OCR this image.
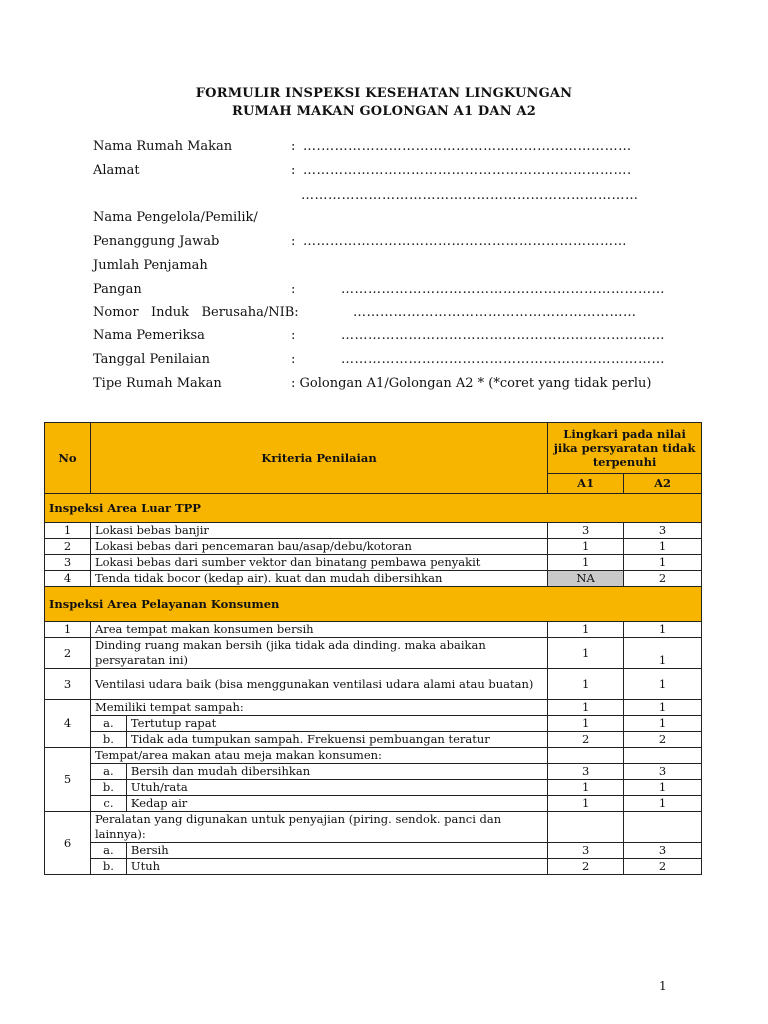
FORMULIR INSPEKSI KESEHATAN LINGKUNGAN
RUMAH MAKAN GOLONGAN A1 DAN A2
Nama Rumah Makan	: ….……………………………………………………………
Alamat	: ……………………………………………………………….
…………………………………………………………………
Nama Pengelola/Pemilik/
Penanggung Jawab	: ………………………………………………………………
Jumlah Penjamah
Pangan	:	………………………………………………………………
Nomor   Induk   Berusaha/NIB:	………………………………………………………
Nama Pemeriksa	:	………………………………………………………………
Tanggal Penilaian	:	………………………………………………………………
Tipe Rumah Makan	: Golongan A1/Golongan A2 * (*coret yang tidak perlu)
No	Kriteria Penilaian		Lingkari pada nilai jika persyaratan tidak terpenuhi	
			A1	A2
Inspeksi Area Luar TPP				
1	Lokasi bebas banjir		3	3
2	Lokasi bebas dari pencemaran bau/asap/debu/kotoran		1	1
3	Lokasi bebas dari sumber vektor dan binatang pembawa penyakit		1	1
4	Tenda tidak bocor (kedap air). kuat dan mudah dibersihkan		NA	2
Inspeksi Area Pelayanan Konsumen				
1	Area tempat makan konsumen bersih		1	1
2	Dinding ruang makan bersih (jika tidak ada dinding. maka abaikan persyaratan ini)		1	1
3	Ventilasi udara baik (bisa menggunakan ventilasi udara alami atau buatan)		1	1
4	Memiliki tempat sampah:		1	1
	a.	Tertutup rapat	1	1
	b.	Tidak ada tumpukan sampah. Frekuensi pembuangan teratur	2	2
5	Tempat/area makan atau meja makan konsumen:			
	a.	Bersih dan mudah dibersihkan	3	3
	b.	Utuh/rata	1	1
	c.	Kedap air	1	1
6	Peralatan yang digunakan untuk penyajian (piring. sendok. panci dan lainnya):			
	a.	Bersih	3	3
	b.	Utuh	2	2
1
